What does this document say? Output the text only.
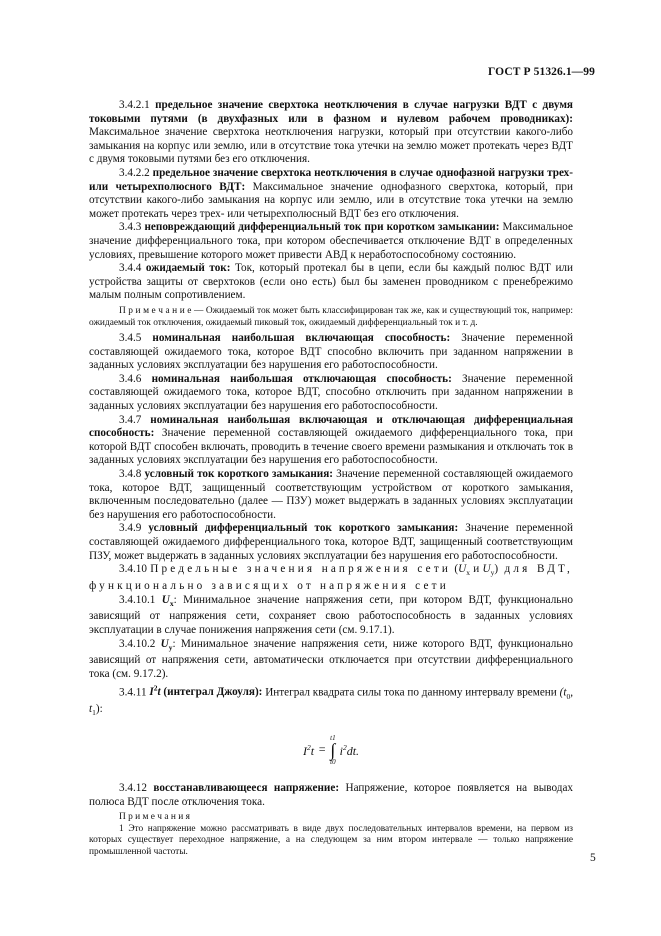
ГОСТ Р 51326.1—99

3.4.2.1 предельное значение сверхтока неотключения в случае нагрузки ВДТ с двумя токовыми путями (в двухфазных или в фазном и нулевом рабочем проводниках): Максимальное значение сверхтока неотключения нагрузки, который при отсутствии какого-либо замыкания на корпус или землю, или в отсутствие тока утечки на землю может протекать через ВДТ с двумя токовыми путями без его отключения.

3.4.2.2 предельное значение сверхтока неотключения в случае однофазной нагрузки трех- или четырехполюсного ВДТ: Максимальное значение однофазного сверхтока, который, при отсутствии какого-либо замыкания на корпус или землю, или в отсутствие тока утечки на землю может протекать через трех- или четырехполюсный ВДТ без его отключения.

3.4.3 неповреждающий дифференциальный ток при коротком замыкании: Максимальное значение дифференциального тока, при котором обеспечивается отключение ВДТ в определенных условиях, превышение которого может привести АВД к неработоспособному состоянию.

3.4.4 ожидаемый ток: Ток, который протекал бы в цепи, если бы каждый полюс ВДТ или устройства защиты от сверхтоков (если оно есть) был бы заменен проводником с пренебрежимо малым полным сопротивлением.

П р и м е ч а н и е — Ожидаемый ток может быть классифицирован так же, как и существующий ток, например: ожидаемый ток отключения, ожидаемый пиковый ток, ожидаемый дифференциальный ток и т. д.

3.4.5 номинальная наибольшая включающая способность: Значение переменной составляющей ожидаемого тока, которое ВДТ способно включить при заданном напряжении в заданных условиях эксплуатации без нарушения его работоспособности.

3.4.6 номинальная наибольшая отключающая способность: Значение переменной составляющей ожидаемого тока, которое ВДТ, способно отключить при заданном напряжении в заданных условиях эксплуатации без нарушения его работоспособности.

3.4.7 номинальная наибольшая включающая и отключающая дифференциальная способность: Значение переменной составляющей ожидаемого дифференциального тока, при которой ВДТ способен включать, проводить в течение своего времени размыкания и отключать ток в заданных условиях эксплуатации без нарушения его работоспособности.

3.4.8 условный ток короткого замыкания: Значение переменной составляющей ожидаемого тока, которое ВДТ, защищенный соответствующим устройством от короткого замыкания, включенным последовательно (далее — ПЗУ) может выдержать в заданных условиях эксплуатации без нарушения его работоспособности.

3.4.9 условный дифференциальный ток короткого замыкания: Значение переменной составляющей ожидаемого дифференциального тока, которое ВДТ, защищенный соответствующим ПЗУ, может выдержать в заданных условиях эксплуатации без нарушения его работоспособности.

3.4.10 Предельные значения напряжения сети ($U_x$ и $U_y$) для ВДТ, функционально зависящих от напряжения сети

3.4.10.1 $U_x$: Минимальное значение напряжения сети, при котором ВДТ, функционально зависящий от напряжения сети, сохраняет свою работоспособность в заданных условиях эксплуатации в случае понижения напряжения сети (см. 9.17.1).

3.4.10.2 $U_y$: Минимальное значение напряжения сети, ниже которого ВДТ, функционально зависящий от напряжения сети, автоматически отключается при отсутствии дифференциального тока (см. 9.17.2).

3.4.11 $I^2t$ (интеграл Джоуля): Интеграл квадрата силы тока по данному интервалу времени ($t_0$, $t_1$):

$I^2t$ =
t1
∫
t0
$i^2dt$.

3.4.12 восстанавливающееся напряжение: Напряжение, которое появляется на выводах полюса ВДТ после отключения тока.

П р и м е ч а н и я

1 Это напряжение можно рассматривать в виде двух последовательных интервалов времени, на первом из которых существует переходное напряжение, а на следующем за ним втором интервале — только напряжение промышленной частоты.	5
